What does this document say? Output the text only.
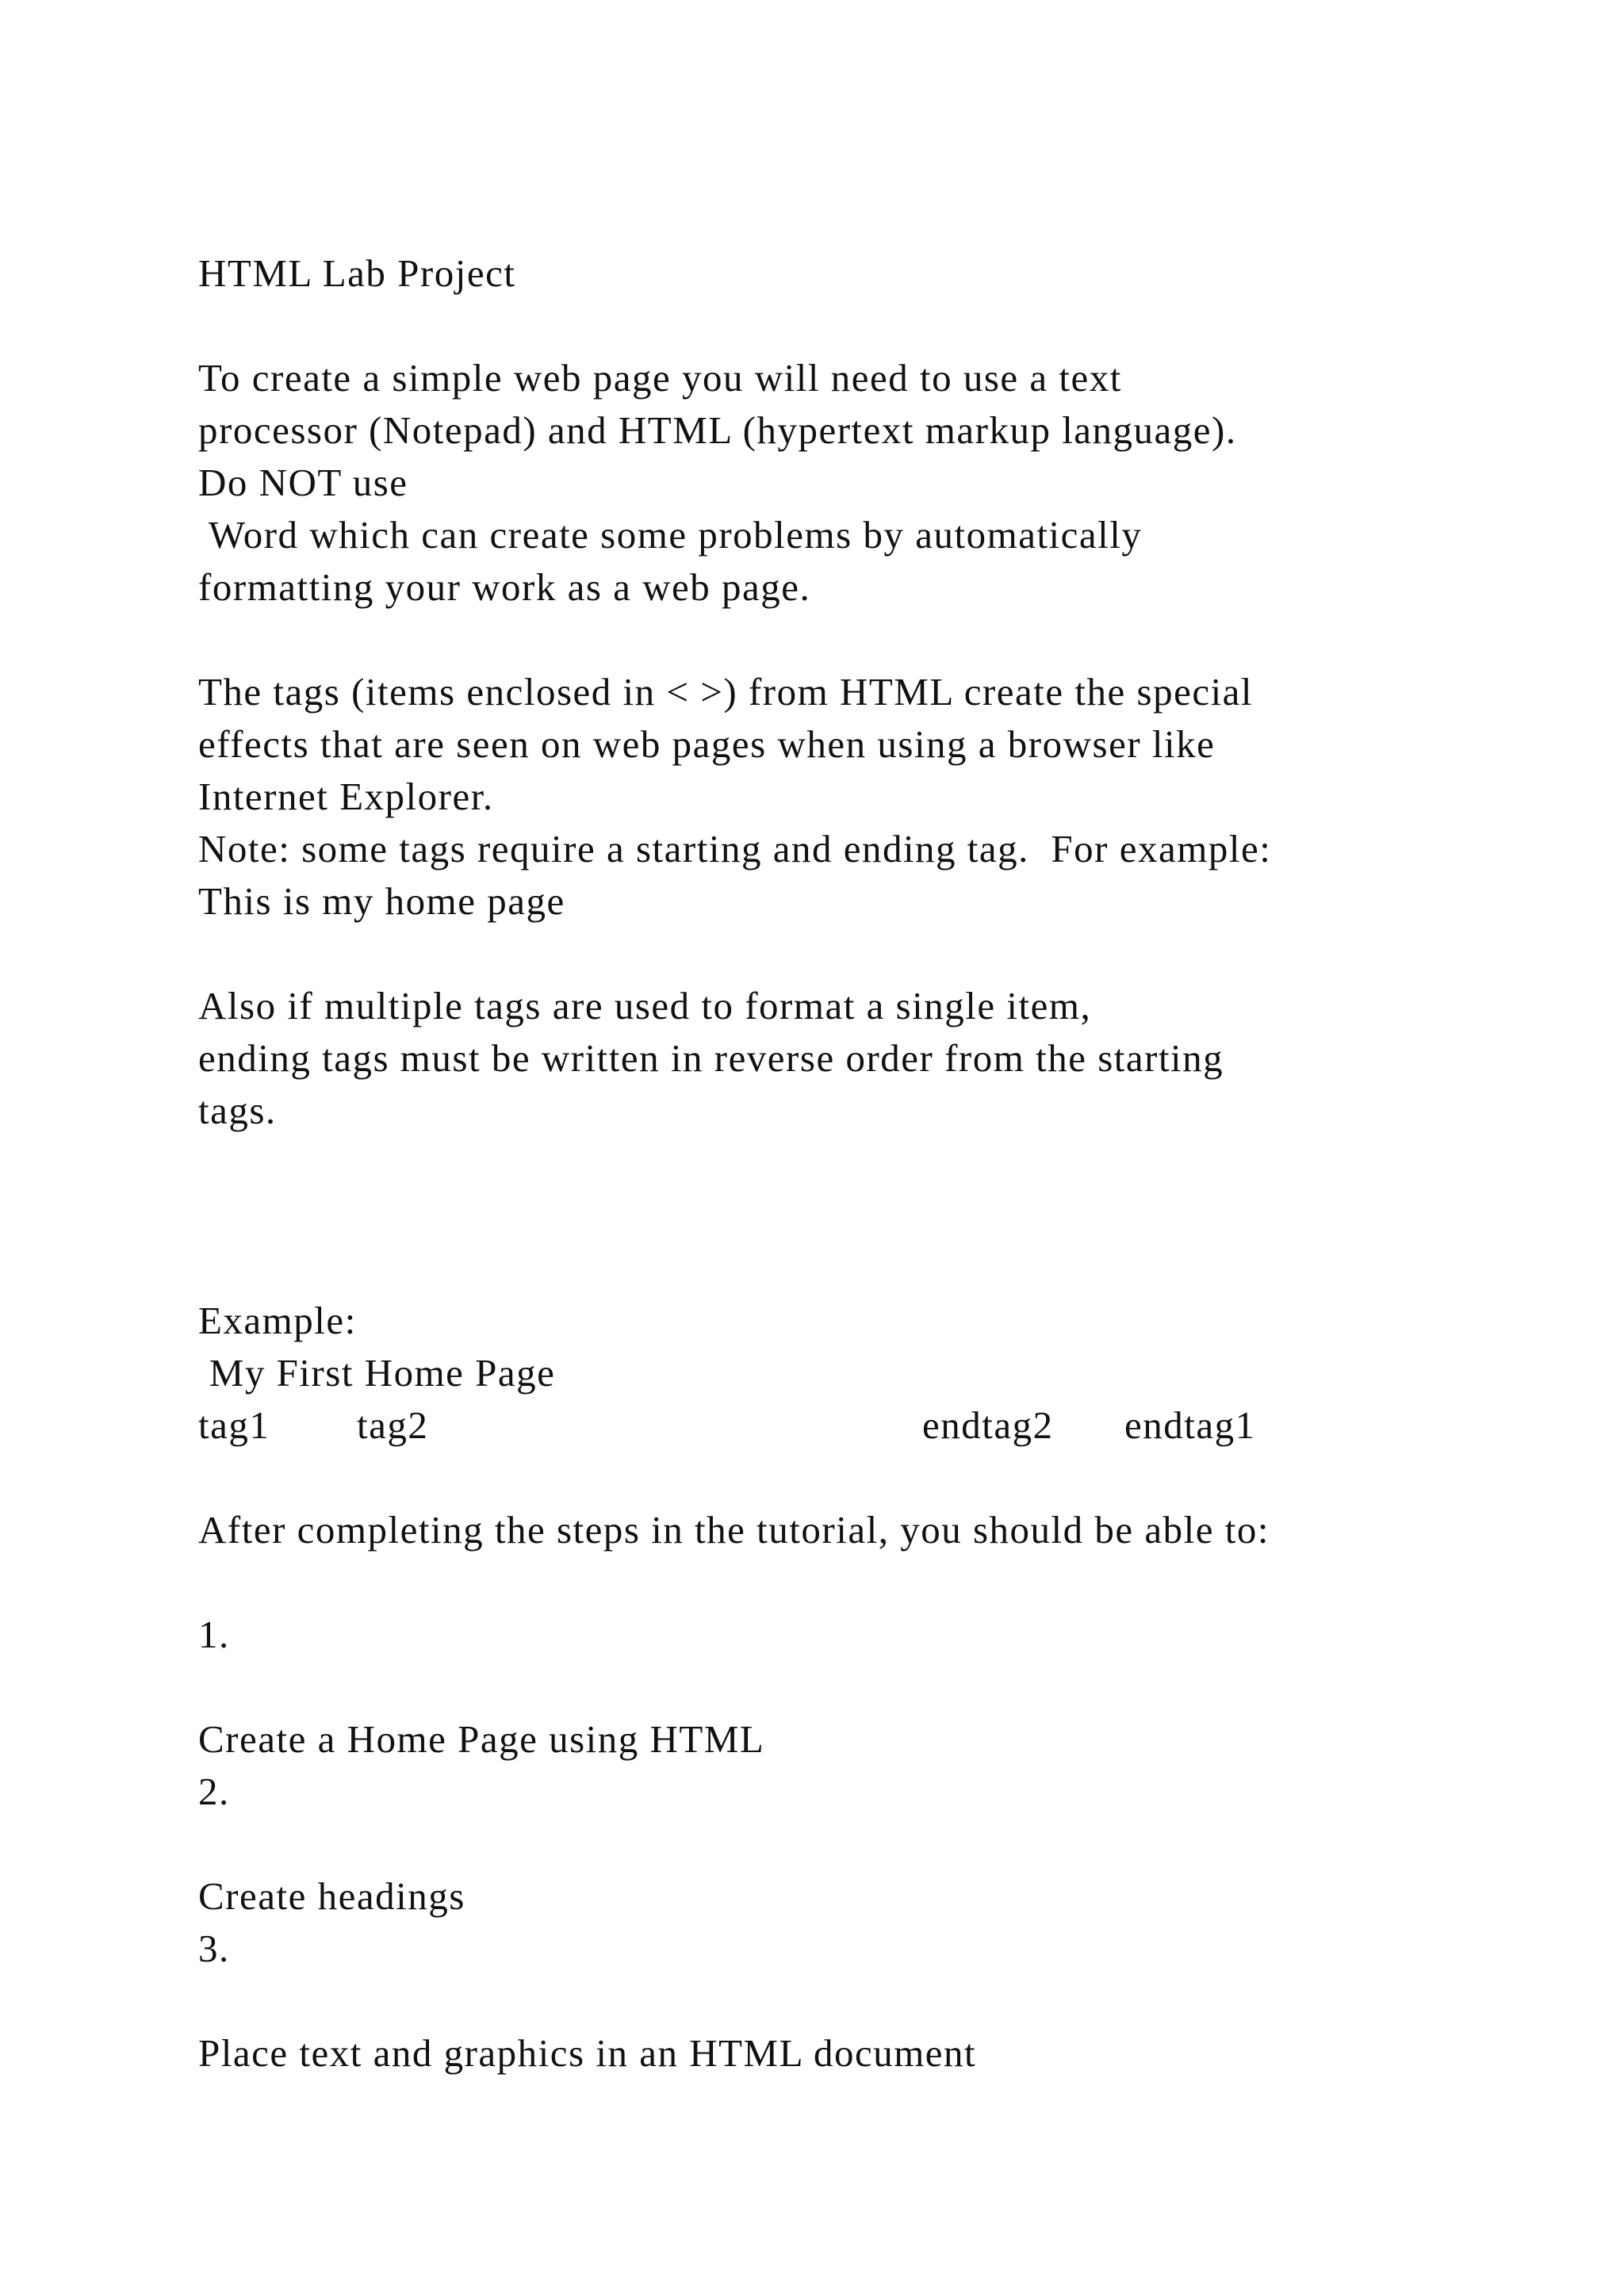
HTML Lab Project

To create a simple web page you will need to use a text

processor (Notepad) and HTML (hypertext markup language).

Do NOT use

Word which can create some problems by automatically

formatting your work as a web page.

The tags (items enclosed in < >) from HTML create the special

effects that are seen on web pages when using a browser like

Internet Explorer.

Note: some tags require a starting and ending tag.  For example:

This is my home page

Also if multiple tags are used to format a single item,

ending tags must be written in reverse order from the starting

tags.

Example:

My First Home Page

tag1 tag2	endtag2 endtag1

After completing the steps in the tutorial, you should be able to:

1.

Create a Home Page using HTML

2.

Create headings

3.

Place text and graphics in an HTML document
